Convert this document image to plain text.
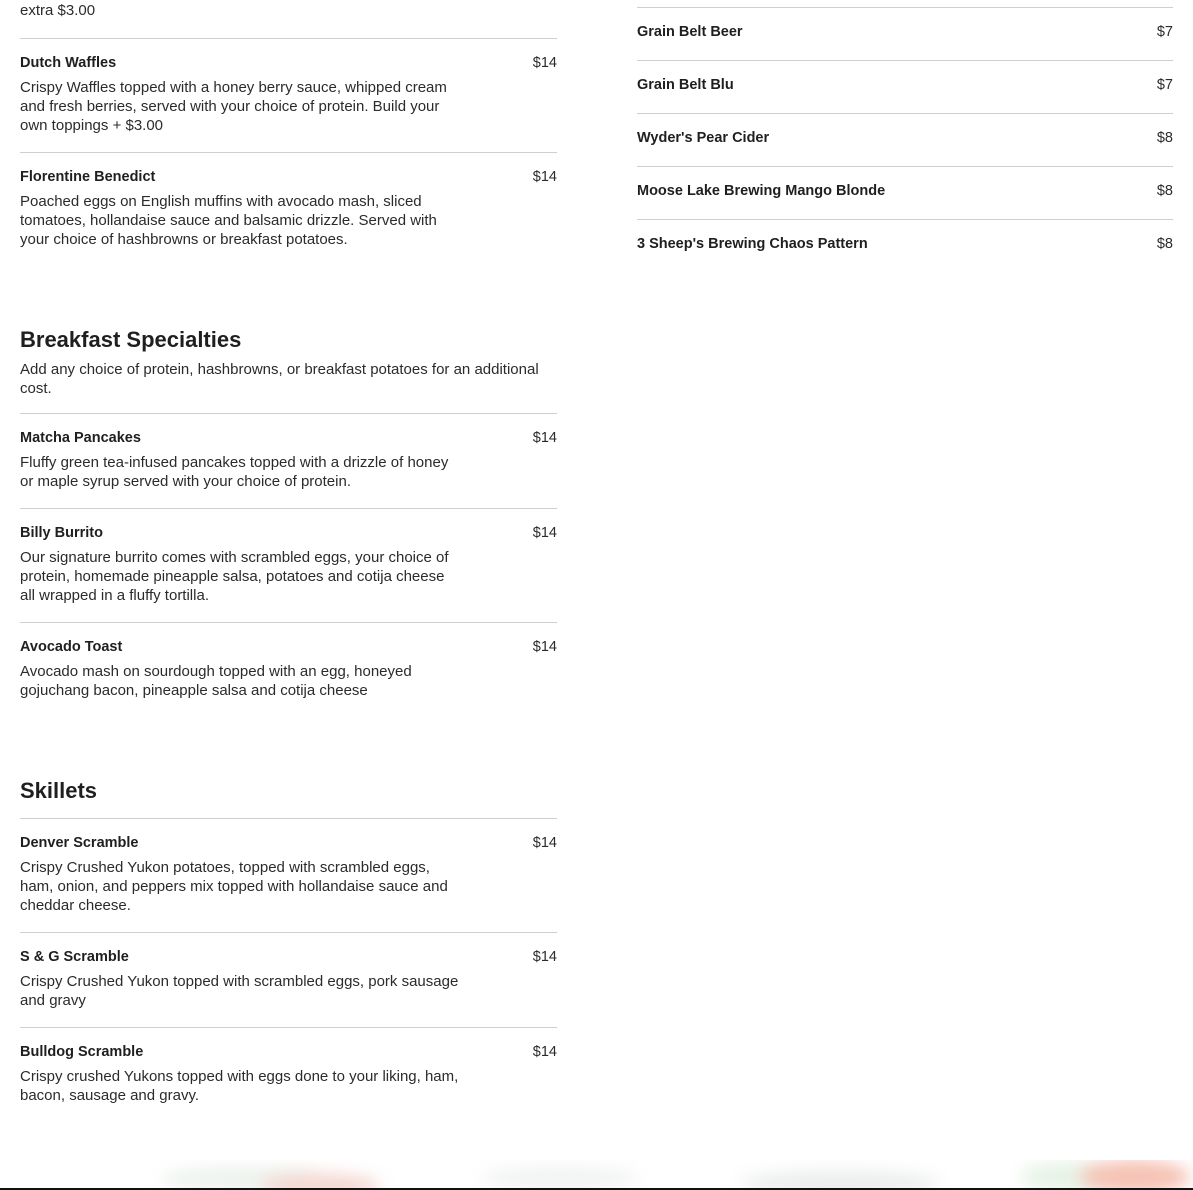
extra $3.00
Dutch Waffles	$14
Crispy Waffles topped with a honey berry sauce, whipped cream and fresh berries, served with your choice of protein. Build your own toppings + $3.00
Florentine Benedict	$14
Poached eggs on English muffins with avocado mash, sliced tomatoes, hollandaise sauce and balsamic drizzle. Served with your choice of hashbrowns or breakfast potatoes.
Breakfast Specialties
Add any choice of protein, hashbrowns, or breakfast potatoes for an additional cost.
Matcha Pancakes	$14
Fluffy green tea-infused pancakes topped with a drizzle of honey or maple syrup served with your choice of protein.
Billy Burrito	$14
Our signature burrito comes with scrambled eggs, your choice of protein, homemade pineapple salsa, potatoes and cotija cheese all wrapped in a fluffy tortilla.
Avocado Toast	$14
Avocado mash on sourdough topped with an egg, honeyed gojuchang bacon, pineapple salsa and cotija cheese
Skillets
Denver Scramble	$14
Crispy Crushed Yukon potatoes, topped with scrambled eggs, ham, onion, and peppers mix topped with hollandaise sauce and cheddar cheese.
S & G Scramble	$14
Crispy Crushed Yukon topped with scrambled eggs, pork sausage and gravy
Bulldog Scramble	$14
Crispy crushed Yukons topped with eggs done to your liking, ham, bacon, sausage and gravy.
Grain Belt Beer	$7
Grain Belt Blu	$7
Wyder's Pear Cider	$8
Moose Lake Brewing Mango Blonde	$8
3 Sheep's Brewing Chaos Pattern	$8
